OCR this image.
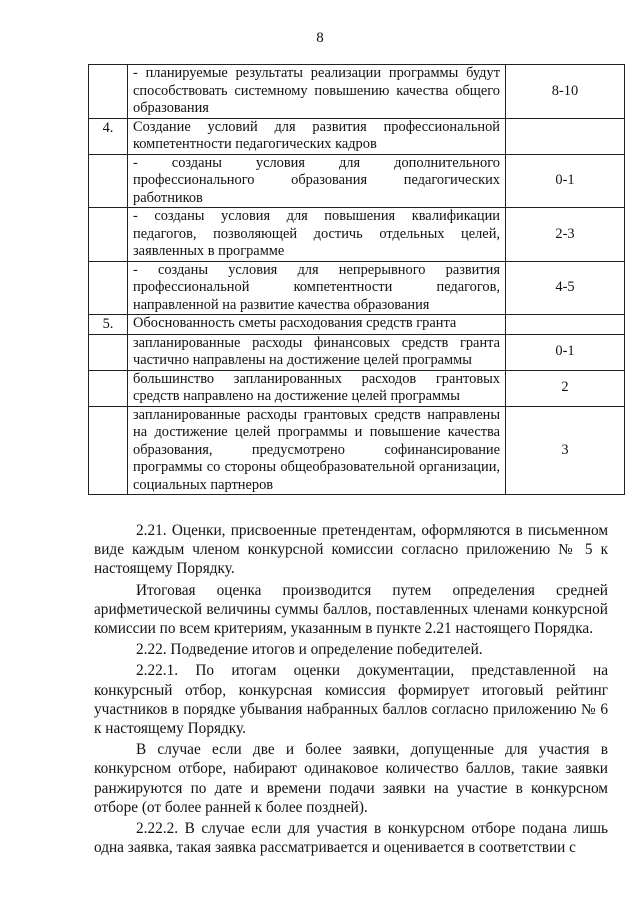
8
	- планируемые результаты реализации программы будут способствовать системному повышению качества общего образования	8-10
4.	Создание условий для развития профессиональной компетентности педагогических кадров	
	- созданы условия для дополнительного профессионального образования педагогических работников	0-1
	- созданы условия для повышения квалификации педагогов, позволяющей достичь отдельных целей, заявленных в программе	2-3
	- созданы условия для непрерывного развития профессиональной компетентности педагогов, направленной на развитие качества образования	4-5
5.	Обоснованность сметы расходования средств гранта	
	запланированные расходы финансовых средств гранта частично направлены на достижение целей программы	0-1
	большинство запланированных расходов грантовых средств направлено на достижение целей программы	2
	запланированные расходы грантовых средств направлены на достижение целей программы и повышение качества образования, предусмотрено софинансирование программы со стороны общеобразовательной организации, социальных партнеров	3

2.21. Оценки, присвоенные претендентам, оформляются в письменном виде каждым членом конкурсной комиссии согласно приложению № 5 к настоящему Порядку.

Итоговая оценка производится путем определения средней арифметической величины суммы баллов, поставленных членами конкурсной комиссии по всем критериям, указанным в пункте 2.21 настоящего Порядка.

2.22. Подведение итогов и определение победителей.

2.22.1. По итогам оценки документации, представленной на конкурсный отбор, конкурсная комиссия формирует итоговый рейтинг участников в порядке убывания набранных баллов согласно приложению № 6 к настоящему Порядку.

В случае если две и более заявки, допущенные для участия в конкурсном отборе, набирают одинаковое количество баллов, такие заявки ранжируются по дате и времени подачи заявки на участие в конкурсном отборе (от более ранней к более поздней).

2.22.2. В случае если для участия в конкурсном отборе подана лишь одна заявка, такая заявка рассматривается и оценивается в соответствии с
